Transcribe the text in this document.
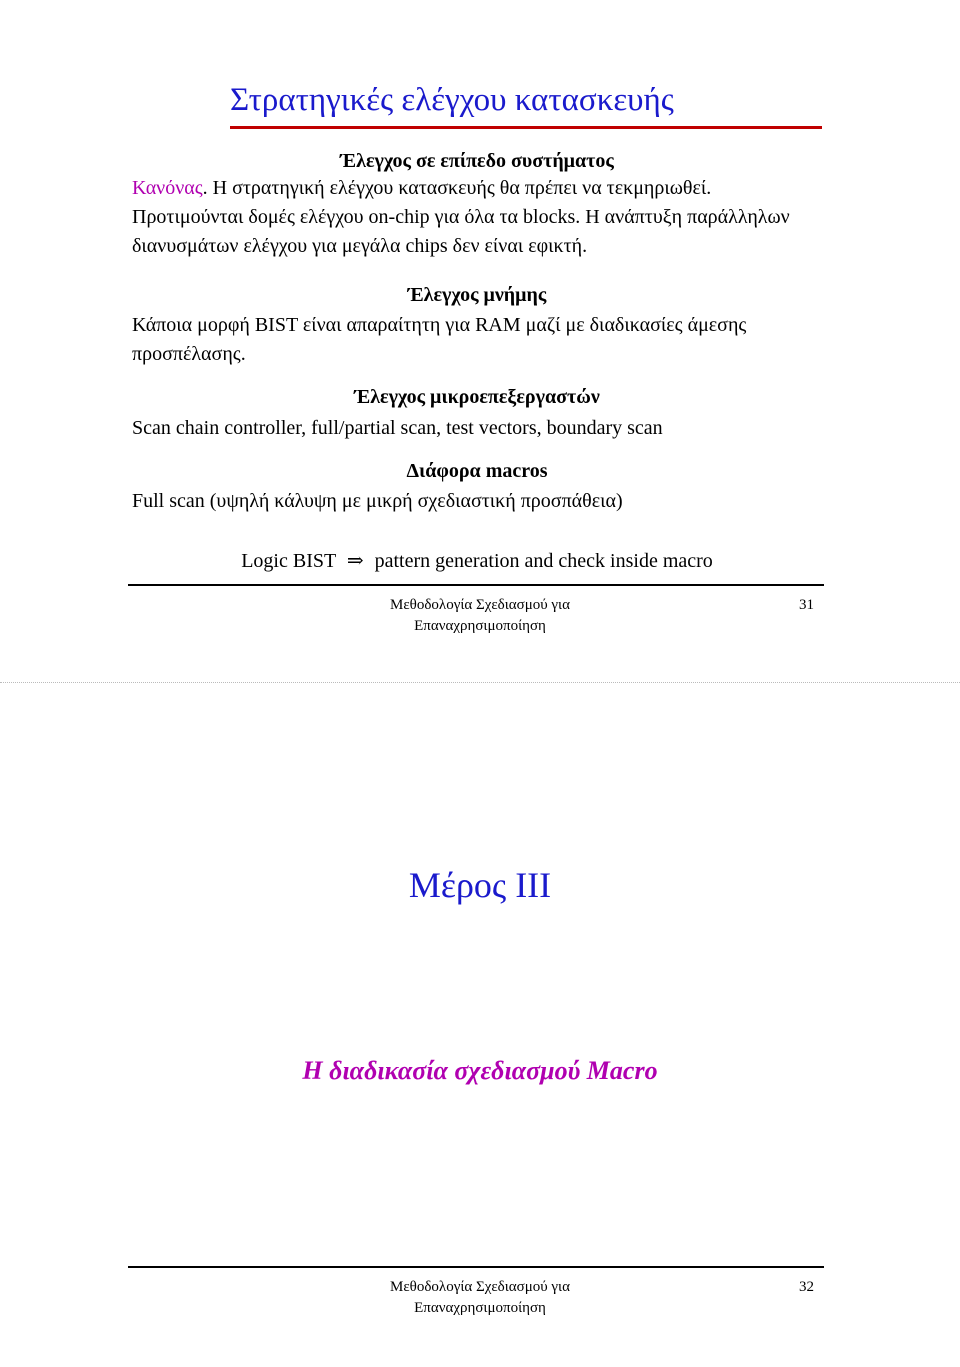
Στρατηγικές ελέγχου κατασκευής
Έλεγχος σε επίπεδο συστήματος
Κανόνας. Η στρατηγική ελέγχου κατασκευής θα πρέπει να τεκμηριωθεί. Προτιμούνται δομές ελέγχου on-chip για όλα τα blocks. Η ανάπτυξη παράλληλων διανυσμάτων ελέγχου για μεγάλα chips δεν είναι εφικτή.
Έλεγχος μνήμης
Κάποια μορφή BIST είναι απαραίτητη για RAM μαζί με διαδικασίες άμεσης προσπέλασης.
Έλεγχος μικροεπεξεργαστών
Scan chain controller, full/partial scan, test vectors, boundary scan
Διάφορα macros
Full scan (υψηλή κάλυψη με μικρή σχεδιαστική προσπάθεια)
Logic BIST ⇒ pattern generation and check inside macro
Μεθοδολογία Σχεδιασμού για
Επαναχρησιμοποίηση
31
Μέρος III
Η διαδικασία σχεδιασμού Macro
Μεθοδολογία Σχεδιασμού για
Επαναχρησιμοποίηση
32
